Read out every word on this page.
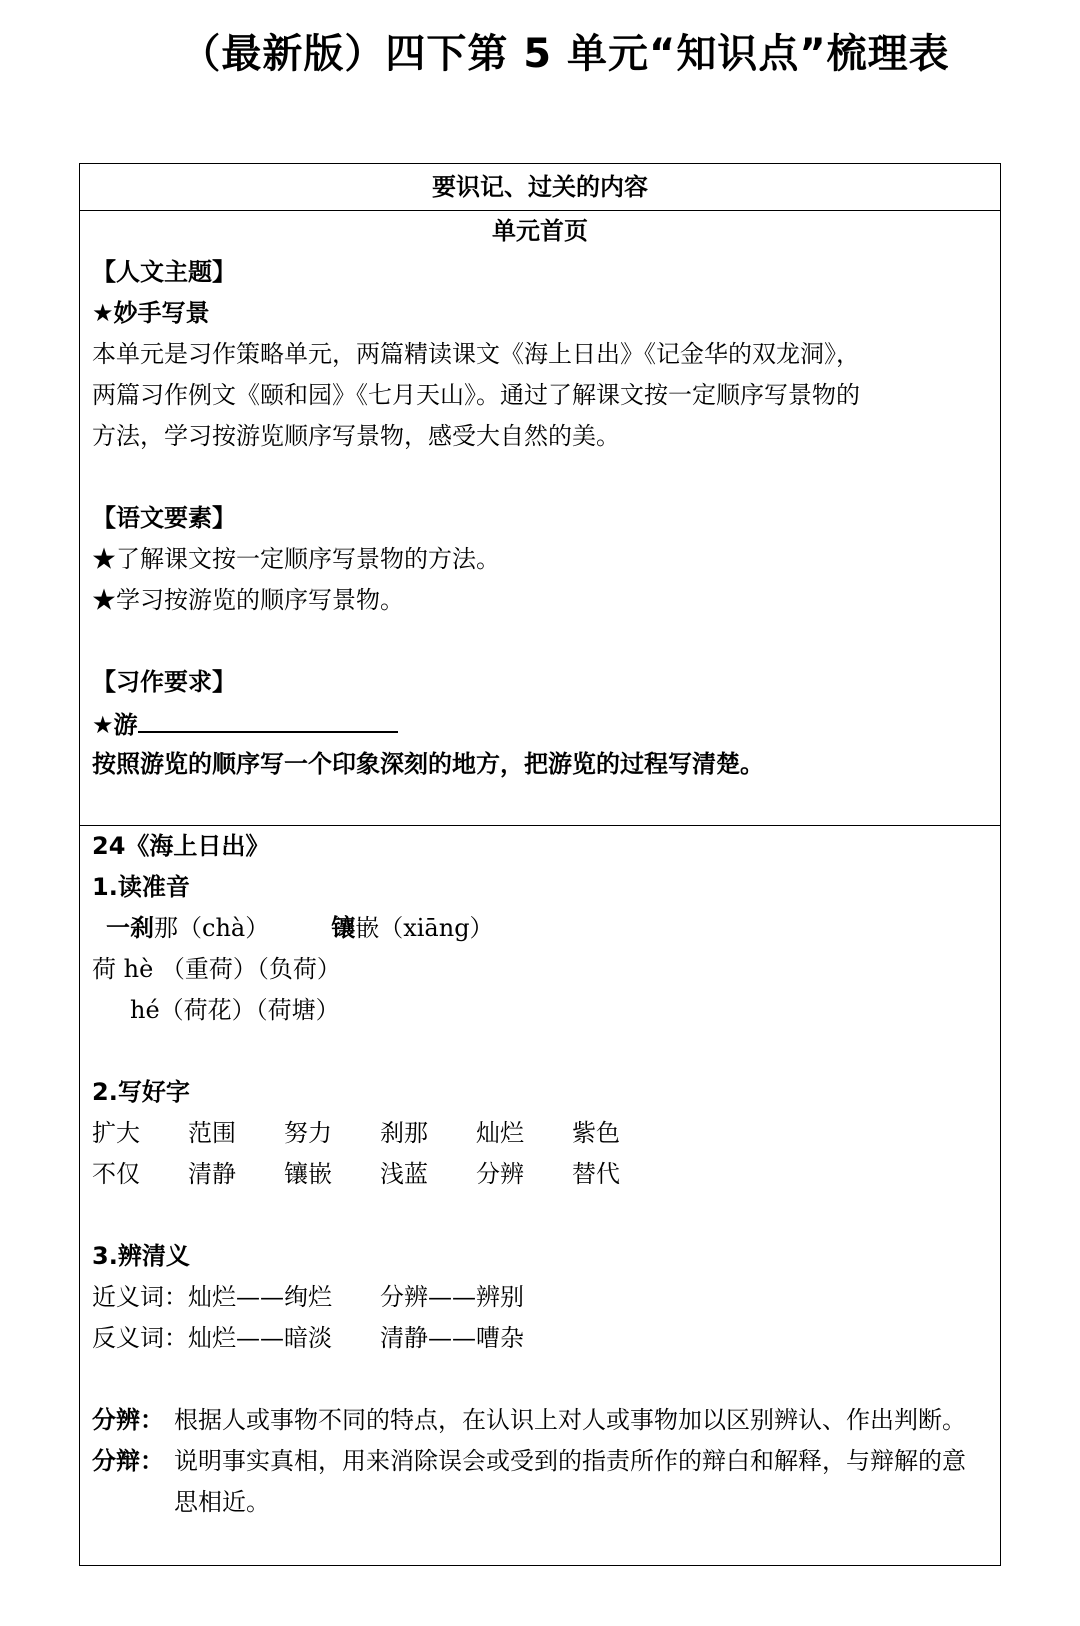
（最新版）四下第 5 单元“知识点”梳理表
要识记、过关的内容
单元首页
【人文主题】
★妙手写景
本单元是习作策略单元，两篇精读课文《海上日出》《记金华的双龙洞》，
两篇习作例文《颐和园》《七月天山》。通过了解课文按一定顺序写景物的
方法，学习按游览顺序写景物，感受大自然的美。
【语文要素】
★了解课文按一定顺序写景物的方法。
★学习按游览的顺序写景物。
【习作要求】
★游
按照游览的顺序写一个印象深刻的地方，把游览的过程写清楚。
24《海上日出》
1.读准音
一刹那（chà）	镶嵌（xiāng）
荷 hè （重荷）（负荷）
hé（荷花）（荷塘）
2.写好字
扩大	范围	努力	刹那	灿烂	紫色
不仅	清静	镶嵌	浅蓝	分辨	替代
3.辨清义
近义词：灿烂——绚烂　　分辨——辨别
反义词：灿烂——暗淡　　清静——嘈杂
分辨： 根据人或事物不同的特点，在认识上对人或事物加以区别辨认、作出判断。
分辩： 说明事实真相，用来消除误会或受到的指责所作的辩白和解释，与辩解的意思相近。
